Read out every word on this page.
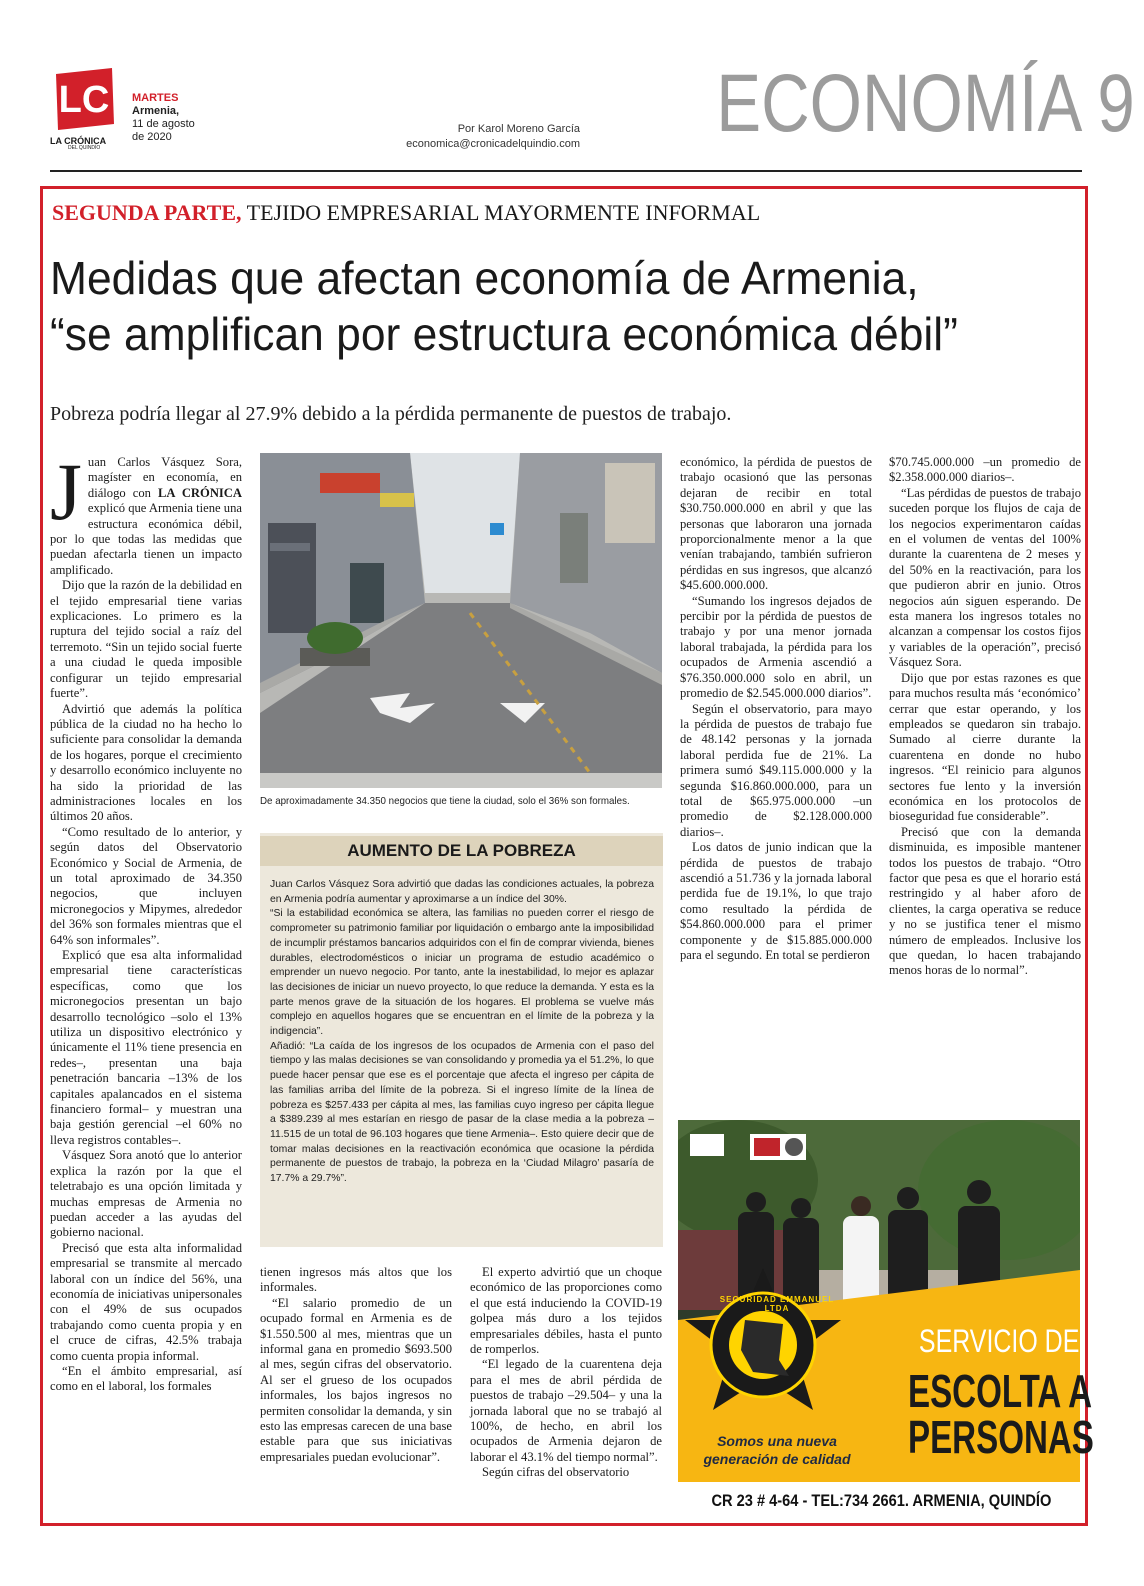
LC
LA CRÓNICA
DEL QUINDÍO
MARTES
Armenia,
11 de agosto
de 2020
Por Karol Moreno García
economica@cronicadelquindio.com ECONOMÍA 9
SEGUNDA PARTE, TEJIDO EMPRESARIAL MAYORMENTE INFORMAL
Medidas que afectan economía de Armenia,
“se amplifican por estructura económica débil”
Pobreza podría llegar al 27.9% debido a la pérdida permanente de puestos de trabajo.

Juan Carlos Vásquez Sora, magíster en economía, en diálogo con LA CRÓNICA explicó que Armenia tiene una estructura económica débil, por lo que todas las medidas que puedan afectarla tienen un impacto amplificado.

Dijo que la razón de la debilidad en el tejido empresarial tiene varias explicaciones. Lo primero es la ruptura del tejido social a raíz del terremoto. “Sin un tejido social fuerte a una ciudad le queda imposible configurar un tejido empresarial fuerte”.

Advirtió que además la política pública de la ciudad no ha hecho lo suficiente para consolidar la demanda de los hogares, porque el crecimiento y desarrollo económico incluyente no ha sido la prioridad de las administraciones locales en los últimos 20 años.

“Como resultado de lo anterior, y según datos del Observatorio Económico y Social de Armenia, de un total aproximado de 34.350 negocios, que incluyen micronegocios y Mipymes, alrededor del 36% son formales mientras que el 64% son informales”.

Explicó que esa alta informalidad empresarial tiene características específicas, como que los micronegocios presentan un bajo desarrollo tecnológico –solo el 13% utiliza un dispositivo electrónico y únicamente el 11% tiene presencia en redes–, presentan una baja penetración bancaria –13% de los capitales apalancados en el sistema financiero formal– y muestran una baja gestión gerencial –el 60% no lleva registros contables–.

Vásquez Sora anotó que lo anterior explica la razón por la que el teletrabajo es una opción limitada y muchas empresas de Armenia no puedan acceder a las ayudas del gobierno nacional.

Precisó que esta alta informalidad empresarial se transmite al mercado laboral con un índice del 56%, una economía de iniciativas unipersonales con el 49% de sus ocupados trabajando como cuenta propia y en el cruce de cifras, 42.5% trabaja como cuenta propia informal.

“En el ámbito empresarial, así como en el laboral, los formales

De aproximadamente 34.350 negocios que tiene la ciudad, solo el 36% son formales.
AUMENTO DE LA POBREZA

Juan Carlos Vásquez Sora advirtió que dadas las condiciones actuales, la pobreza en Armenia podría aumentar y aproximarse a un índice del 30%.

“Si la estabilidad económica se altera, las familias no pueden correr el riesgo de comprometer su patrimonio familiar por liquidación o embargo ante la imposibilidad de incumplir préstamos bancarios adquiridos con el fin de comprar vivienda, bienes durables, electrodomésticos o iniciar un programa de estudio académico o emprender un nuevo negocio. Por tanto, ante la inestabilidad, lo mejor es aplazar las decisiones de iniciar un nuevo proyecto, lo que reduce la demanda. Y esta es la parte menos grave de la situación de los hogares. El problema se vuelve más complejo en aquellos hogares que se encuentran en el límite de la pobreza y la indigencia”.

Añadió: “La caída de los ingresos de los ocupados de Armenia con el paso del tiempo y las malas decisiones se van consolidando y promedia ya el 51.2%, lo que puede hacer pensar que ese es el porcentaje que afecta el ingreso per cápita de las familias arriba del límite de la pobreza. Si el ingreso límite de la línea de pobreza es $257.433 per cápita al mes, las familias cuyo ingreso per cápita llegue a $389.239 al mes estarían en riesgo de pasar de la clase media a la pobreza –11.515 de un total de 96.103 hogares que tiene Armenia–. Esto quiere decir que de tomar malas decisiones en la reactivación económica que ocasione la pérdida permanente de puestos de trabajo, la pobreza en la ‘Ciudad Milagro’ pasaría de 17.7% a 29.7%”.

tienen ingresos más altos que los informales.

“El salario promedio de un ocupado formal en Armenia es de $1.550.500 al mes, mientras que un informal gana en promedio $693.500 al mes, según cifras del observatorio. Al ser el grueso de los ocupados informales, los bajos ingresos no permiten consolidar la demanda, y sin esto las empresas carecen de una base estable para que sus iniciativas empresariales puedan evolucionar”.

El experto advirtió que un choque económico de las proporciones como el que está induciendo la COVID-19 golpea más duro a los tejidos empresariales débiles, hasta el punto de romperlos.

“El legado de la cuarentena deja para el mes de abril pérdida de puestos de trabajo –29.504– y una la jornada laboral que no se trabajó al 100%, de hecho, en abril los ocupados de Armenia dejaron de laborar el 43.1% del tiempo normal”.

Según cifras del observatorio

económico, la pérdida de puestos de trabajo ocasionó que las personas dejaran de recibir en total $30.750.000.000 en abril y que las personas que laboraron una jornada proporcionalmente menor a la que venían trabajando, también sufrieron pérdidas en sus ingresos, que alcanzó $45.600.000.000.

“Sumando los ingresos dejados de percibir por la pérdida de puestos de trabajo y por una menor jornada laboral trabajada, la pérdida para los ocupados de Armenia ascendió a $76.350.000.000 solo en abril, un promedio de $2.545.000.000 diarios”.

Según el observatorio, para mayo la pérdida de puestos de trabajo fue de 48.142 personas y la jornada laboral perdida fue de 21%. La primera sumó $49.115.000.000 y la segunda $16.860.000.000, para un total de $65.975.000.000 –un promedio de $2.128.000.000 diarios–.

Los datos de junio indican que la pérdida de puestos de trabajo ascendió a 51.736 y la jornada laboral perdida fue de 19.1%, lo que trajo como resultado la pérdida de $54.860.000.000 para el primer componente y de $15.885.000.000 para el segundo. En total se perdieron

$70.745.000.000 –un promedio de $2.358.000.000 diarios–.

“Las pérdidas de puestos de trabajo suceden porque los flujos de caja de los negocios experimentaron caídas en el volumen de ventas del 100% durante la cuarentena de 2 meses y del 50% en la reactivación, para los que pudieron abrir en junio. Otros negocios aún siguen esperando. De esta manera los ingresos totales no alcanzan a compensar los costos fijos y variables de la operación”, precisó Vásquez Sora.

Dijo que por estas razones es que para muchos resulta más ‘económico’ cerrar que estar operando, y los empleados se quedaron sin trabajo. Sumado al cierre durante la cuarentena en donde no hubo ingresos. “El reinicio para algunos sectores fue lento y la inversión económica en los protocolos de bioseguridad fue considerable”.

Precisó que con la demanda disminuida, es imposible mantener todos los puestos de trabajo. “Otro factor que pesa es que el horario está restringido y al haber aforo de clientes, la carga operativa se reduce y no se justifica tener el mismo número de empleados. Inclusive los que quedan, lo hacen trabajando menos horas de lo normal”.

SEGURIDAD EMMANUEL LTDA
Somos una nueva
generación de calidad
SERVICIO DE
ESCOLTA A
PERSONAS
CR 23 # 4-64 - TEL:734 2661. ARMENIA, QUINDÍO
